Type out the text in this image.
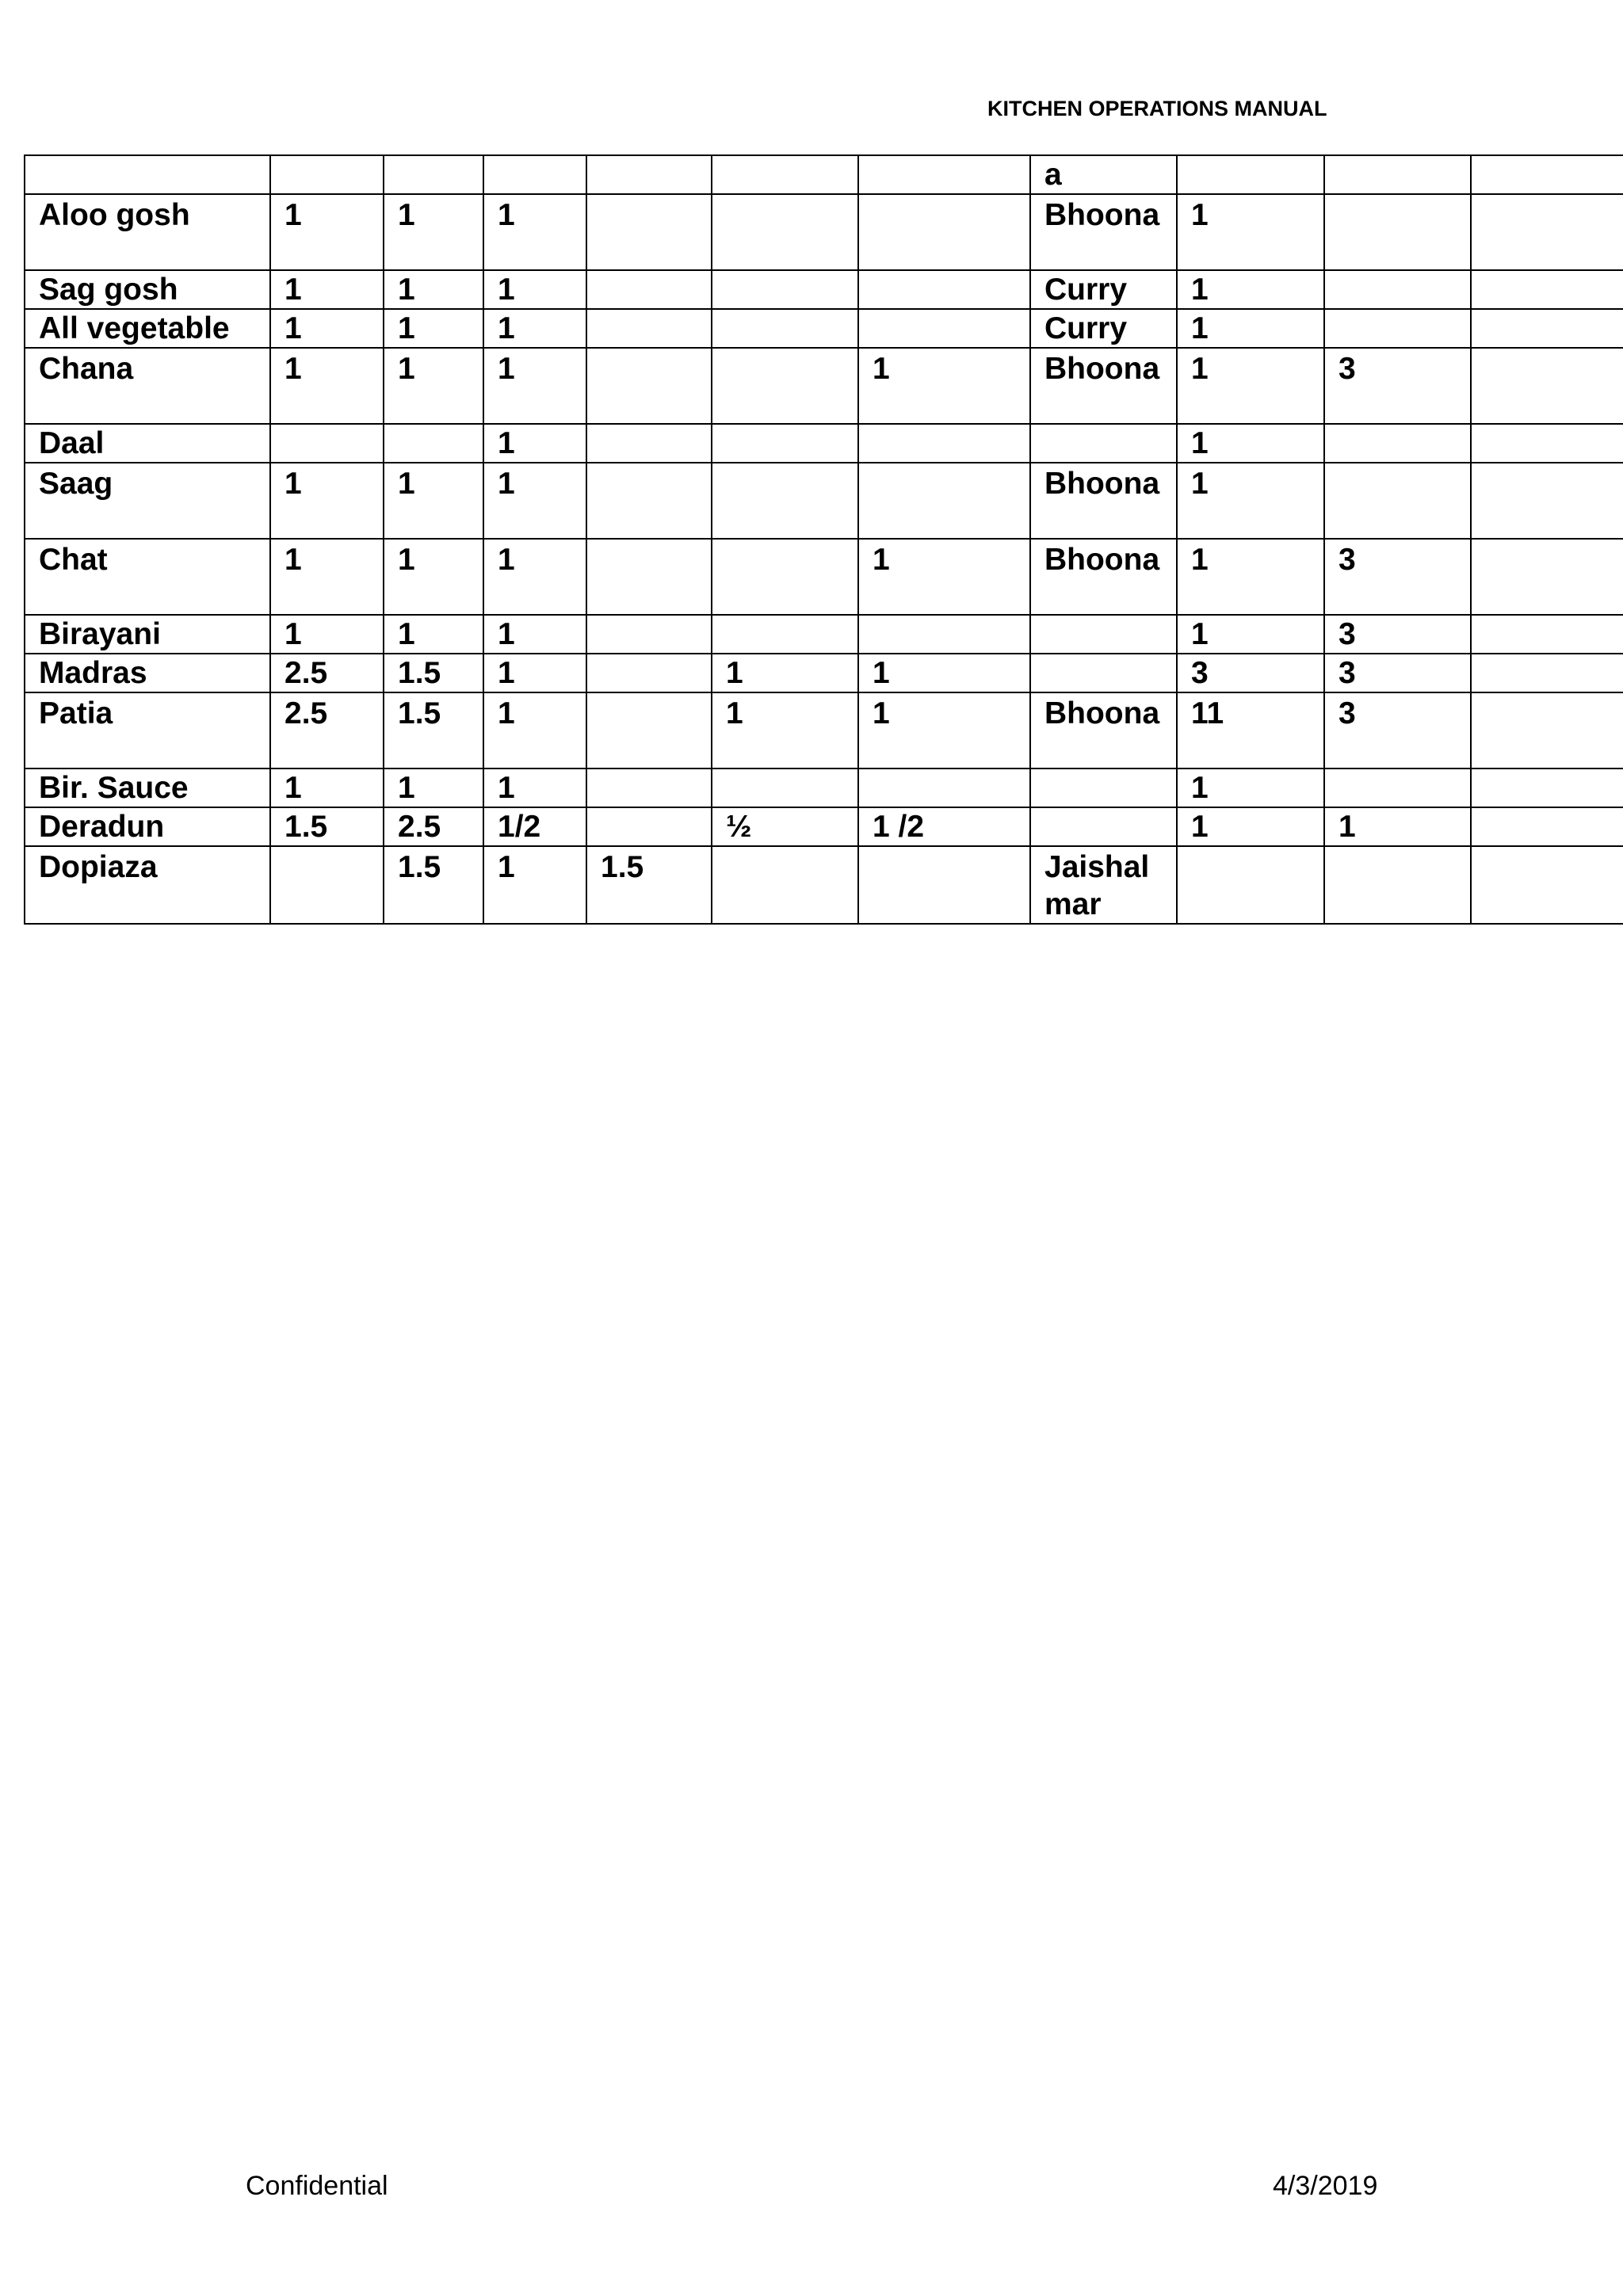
KITCHEN OPERATIONS MANUAL
							a			
Aloo gosh	1	1	1				Bhoona	1		
Sag gosh	1	1	1				Curry	1		
All vegetable	1	1	1				Curry	1		
Chana	1	1	1			1	Bhoona	1	3	
Daal			1					1		
Saag	1	1	1				Bhoona	1		
Chat	1	1	1			1	Bhoona	1	3	
Birayani	1	1	1					1	3	
Madras	2.5	1.5	1		1	1		3	3	
Patia	2.5	1.5	1		1	1	Bhoona	11	3	
Bir. Sauce	1	1	1					1		
Deradun	1.5	2.5	1/2		½	1 /2		1	1	
Dopiaza		1.5	1	1.5			Jaishalmar			
Confidential	4/3/2019
